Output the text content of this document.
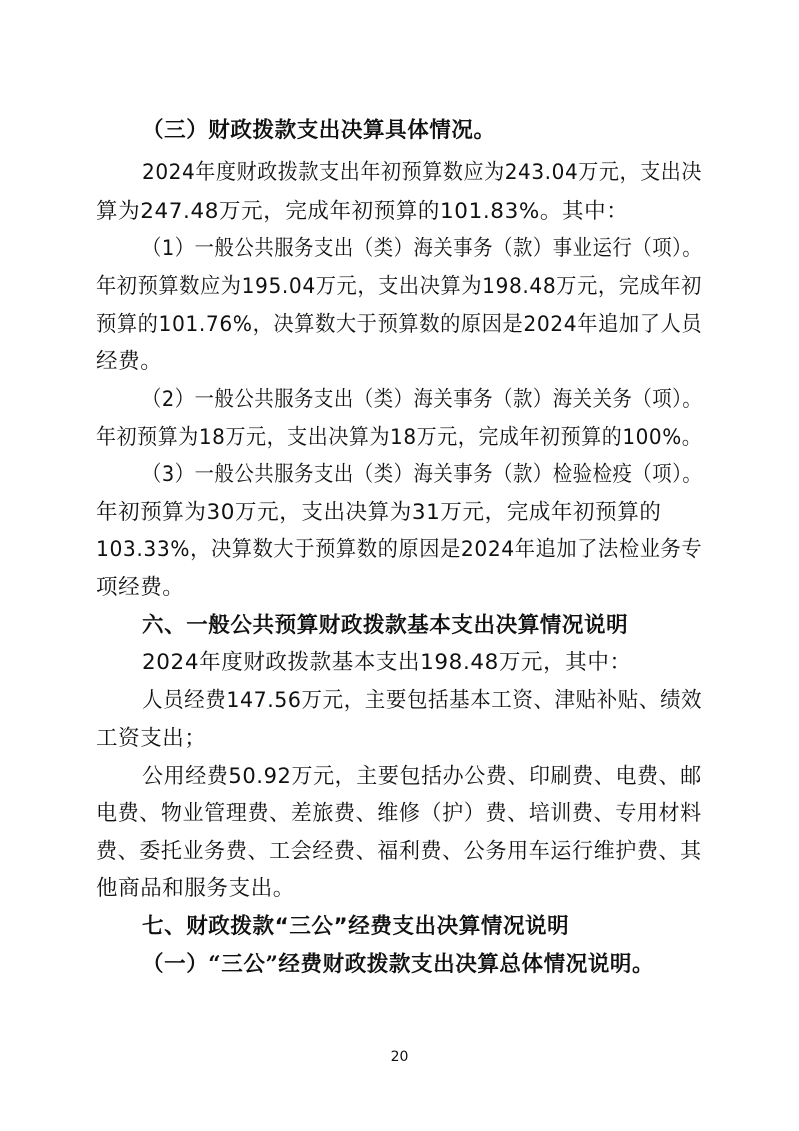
（三）财政拨款支出决算具体情况。
2024年度财政拨款支出年初预算数应为243.04万元，支出决
算为247.48万元，完成年初预算的101.83%。其中：
（1）一般公共服务支出（类）海关事务（款）事业运行（项）。
年初预算数应为195.04万元，支出决算为198.48万元，完成年初
预算的101.76%，决算数大于预算数的原因是2024年追加了人员
经费。
（2）一般公共服务支出（类）海关事务（款）海关关务（项）。
年初预算为18万元，支出决算为18万元，完成年初预算的100%。
（3）一般公共服务支出（类）海关事务（款）检验检疫（项）。
年初预算为30万元，支出决算为31万元，完成年初预算的
103.33%，决算数大于预算数的原因是2024年追加了法检业务专
项经费。
六、一般公共预算财政拨款基本支出决算情况说明
2024年度财政拨款基本支出198.48万元，其中：
人员经费147.56万元，主要包括基本工资、津贴补贴、绩效
工资支出；
公用经费50.92万元，主要包括办公费、印刷费、电费、邮
电费、物业管理费、差旅费、维修（护）费、培训费、专用材料
费、委托业务费、工会经费、福利费、公务用车运行维护费、其
他商品和服务支出。
七、财政拨款“三公”经费支出决算情况说明
（一）“三公”经费财政拨款支出决算总体情况说明。
20
